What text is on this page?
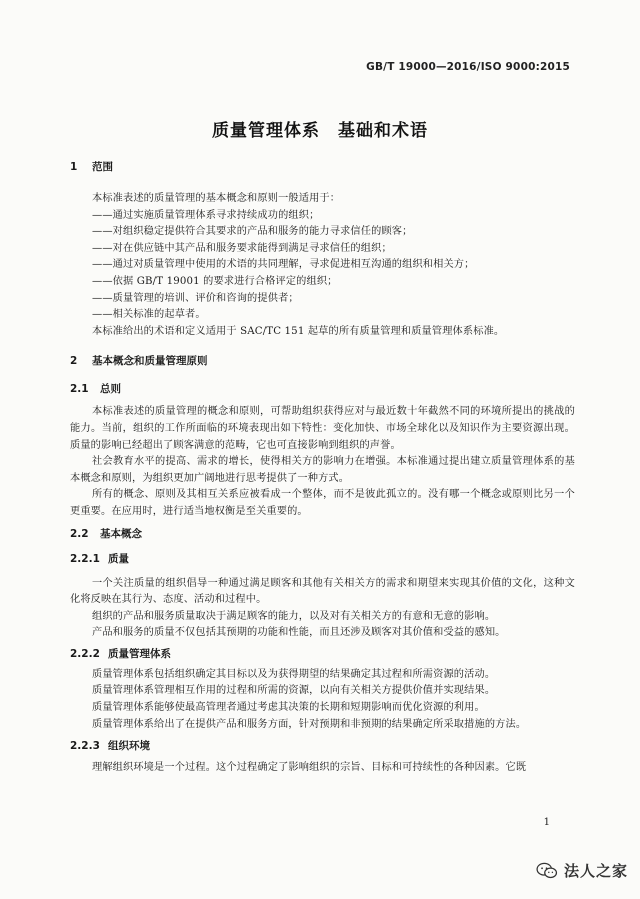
GB/T 19000—2016/ISO 9000:2015
质量管理体系　基础和术语
1	范围

本标准表述的质量管理的基本概念和原则一般适用于：

——通过实施质量管理体系寻求持续成功的组织；

——对组织稳定提供符合其要求的产品和服务的能力寻求信任的顾客；

——对在供应链中其产品和服务要求能得到满足寻求信任的组织；

——通过对质量管理中使用的术语的共同理解，寻求促进相互沟通的组织和相关方；

——依据 GB/T 19001 的要求进行合格评定的组织；

——质量管理的培训、评价和咨询的提供者；

——相关标准的起草者。

本标准给出的术语和定义适用于 SAC/TC 151 起草的所有质量管理和质量管理体系标准。

2	基本概念和质量管理原则
2.1	总则

本标准表述的质量管理的概念和原则，可帮助组织获得应对与最近数十年截然不同的环境所提出的挑战的能力。当前，组织的工作所面临的环境表现出如下特性：变化加快、市场全球化以及知识作为主要资源出现。质量的影响已经超出了顾客满意的范畴，它也可直接影响到组织的声誉。

社会教育水平的提高、需求的增长，使得相关方的影响力在增强。本标准通过提出建立质量管理体系的基本概念和原则，为组织更加广阔地进行思考提供了一种方式。

所有的概念、原则及其相互关系应被看成一个整体，而不是彼此孤立的。没有哪一个概念或原则比另一个更重要。在应用时，进行适当地权衡是至关重要的。

2.2	基本概念
2.2.1 质量

一个关注质量的组织倡导一种通过满足顾客和其他有关相关方的需求和期望来实现其价值的文化，这种文化将反映在其行为、态度、活动和过程中。

组织的产品和服务质量取决于满足顾客的能力，以及对有关相关方的有意和无意的影响。

产品和服务的质量不仅包括其预期的功能和性能，而且还涉及顾客对其价值和受益的感知。

2.2.2 质量管理体系

质量管理体系包括组织确定其目标以及为获得期望的结果确定其过程和所需资源的活动。

质量管理体系管理相互作用的过程和所需的资源，以向有关相关方提供价值并实现结果。

质量管理体系能够使最高管理者通过考虑其决策的长期和短期影响而优化资源的利用。

质量管理体系给出了在提供产品和服务方面，针对预期和非预期的结果确定所采取措施的方法。

2.2.3 组织环境

理解组织环境是一个过程。这个过程确定了影响组织的宗旨、目标和可持续性的各种因素。它既

1
法人之家
